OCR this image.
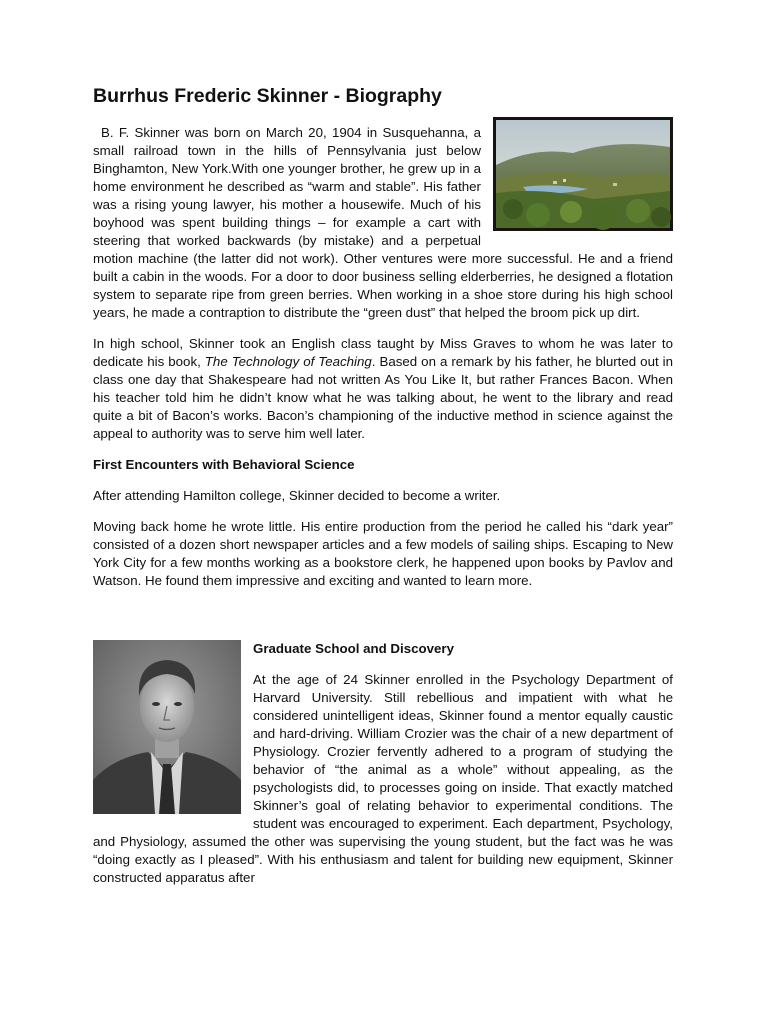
Burrhus Frederic Skinner - Biography

B. F. Skinner was born on March 20, 1904 in Susquehanna, a small railroad town in the hills of Pennsylvania just below Binghamton, New York.With one younger brother, he grew up in a home environment he described as “warm and stable”. His father was a rising young lawyer, his mother a housewife. Much of his boyhood was spent building things – for example a cart with steering that worked backwards (by mistake) and a perpetual motion machine (the latter did not work). Other ventures were more successful. He and a friend built a cabin in the woods. For a door to door business selling elderberries, he designed a flotation system to separate ripe from green berries. When working in a shoe store during his high school years, he made a contraption to distribute the “green dust” that helped the broom pick up dirt.

In high school, Skinner took an English class taught by Miss Graves to whom he was later to dedicate his book, The Technology of Teaching. Based on a remark by his father, he blurted out in class one day that Shakespeare had not written As You Like It, but rather Frances Bacon. When his teacher told him he didn’t know what he was talking about, he went to the library and read quite a bit of Bacon’s works. Bacon’s championing of the inductive method in science against the appeal to authority was to serve him well later.

First Encounters with Behavioral Science

After attending Hamilton college, Skinner decided to become a writer.

Moving back home he wrote little. His entire production from the period he called his “dark year” consisted of a dozen short newspaper articles and a few models of sailing ships. Escaping to New York City for a few months working as a bookstore clerk, he happened upon books by Pavlov and Watson. He found them impressive and exciting and wanted to learn more.

Graduate School and Discovery

At the age of 24 Skinner enrolled in the Psychology Department of Harvard University. Still rebellious and impatient with what he considered unintelligent ideas, Skinner found a mentor equally caustic and hard-driving. William Crozier was the chair of a new department of Physiology. Crozier fervently adhered to a program of studying the behavior of “the animal as a whole” without appealing, as the psychologists did, to processes going on inside. That exactly matched Skinner’s goal of relating behavior to experimental conditions. The student was encouraged to experiment. Each department, Psychology, and Physiology, assumed the other was supervising the young student, but the fact was he was “doing exactly as I pleased”. With his enthusiasm and talent for building new equipment, Skinner constructed apparatus after
